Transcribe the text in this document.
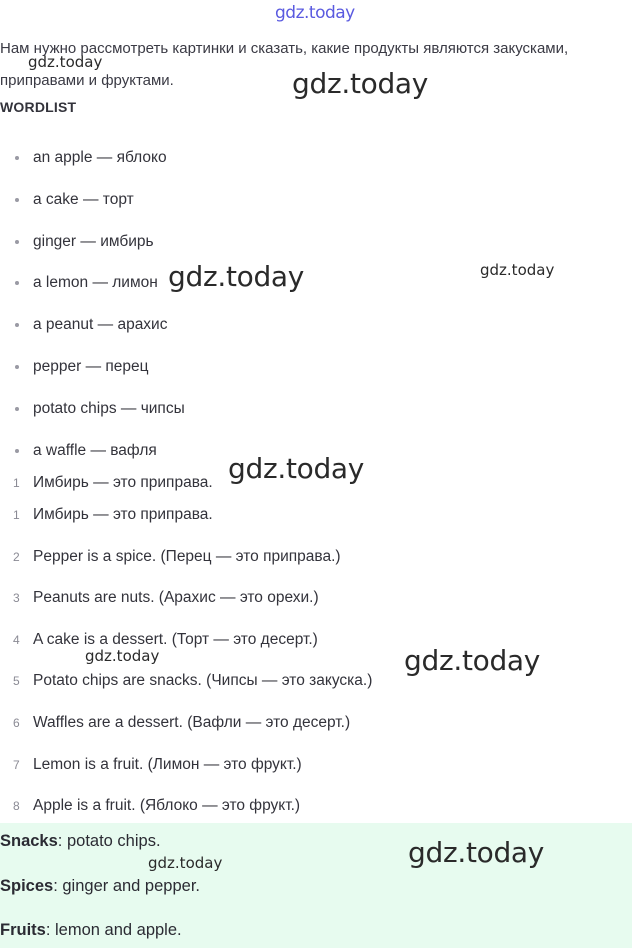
gdz.today
Нам нужно рассмотреть картинки и сказать, какие продукты являются закусками, приправами и фруктами.
WORDLIST
an apple — яблоко
a cake — торт
ginger — имбирь
a lemon — лимон
a peanut — арахис
pepper — перец
potato chips — чипсы
a waffle — вафля
1 Имбирь — это приправа.
1 Имбирь — это приправа.
2 Pepper is a spice. (Перец — это приправа.)
3 Peanuts are nuts. (Арахис — это орехи.)
4 A cake is a dessert. (Торт — это десерт.)
5 Potato chips are snacks. (Чипсы — это закуска.)
6 Waffles are a dessert. (Вафли — это десерт.)
7 Lemon is a fruit. (Лимон — это фрукт.)
8 Apple is a fruit. (Яблоко — это фрукт.)
Snacks: potato chips.
Spices: ginger and pepper.
Fruits: lemon and apple.
gdz.today
gdz.today
gdz.today	gdz.today
gdz.today
gdz.today	gdz.today
gdz.today	gdz.today
